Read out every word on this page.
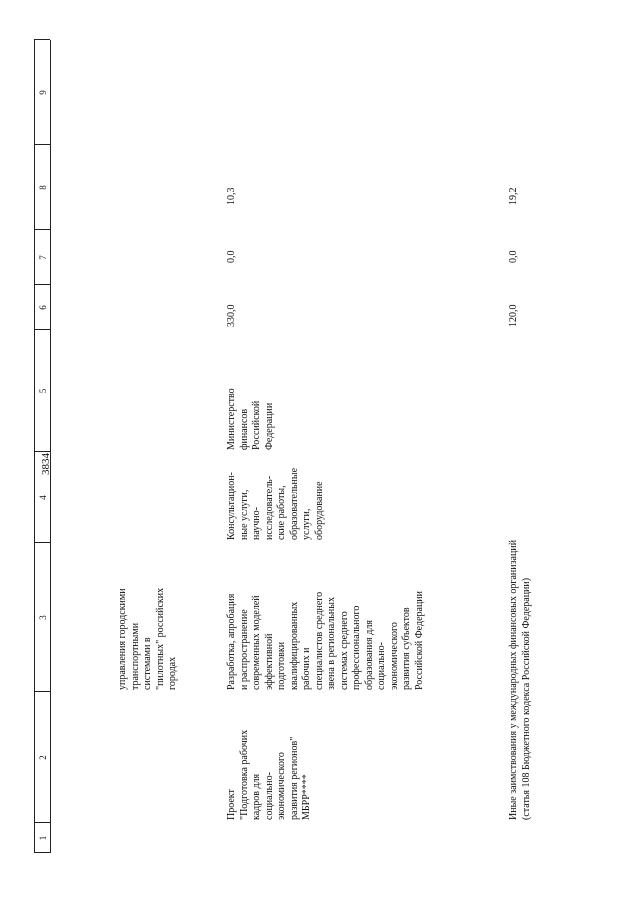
3834
1
2
3
4
5
6
7
8
9
управления городскими
транспортными
системами в
"пилотных" российских
городах
Проект
"Подготовка рабочих
кадров для
социально-
экономического
развития регионов"
МБРР****
Разработка, апробация
и распространение
современных моделей
эффективной
подготовки
квалифицированных
рабочих и
специалистов среднего
звена в региональных
системах среднего
профессионального
образования для
социально-
экономического
развития субъектов
Российской Федерации
Консультацион-
ные услуги,
научно-
исследователь-
ские работы,
образовательные
услуги,
оборудование
Министерство
финансов
Российской
Федерации
330,0
0,0
10,3
Иные заимствования у международных финансовых организаций
(статья 108 Бюджетного кодекса Российской Федерации)
120,0
0,0
19,2
